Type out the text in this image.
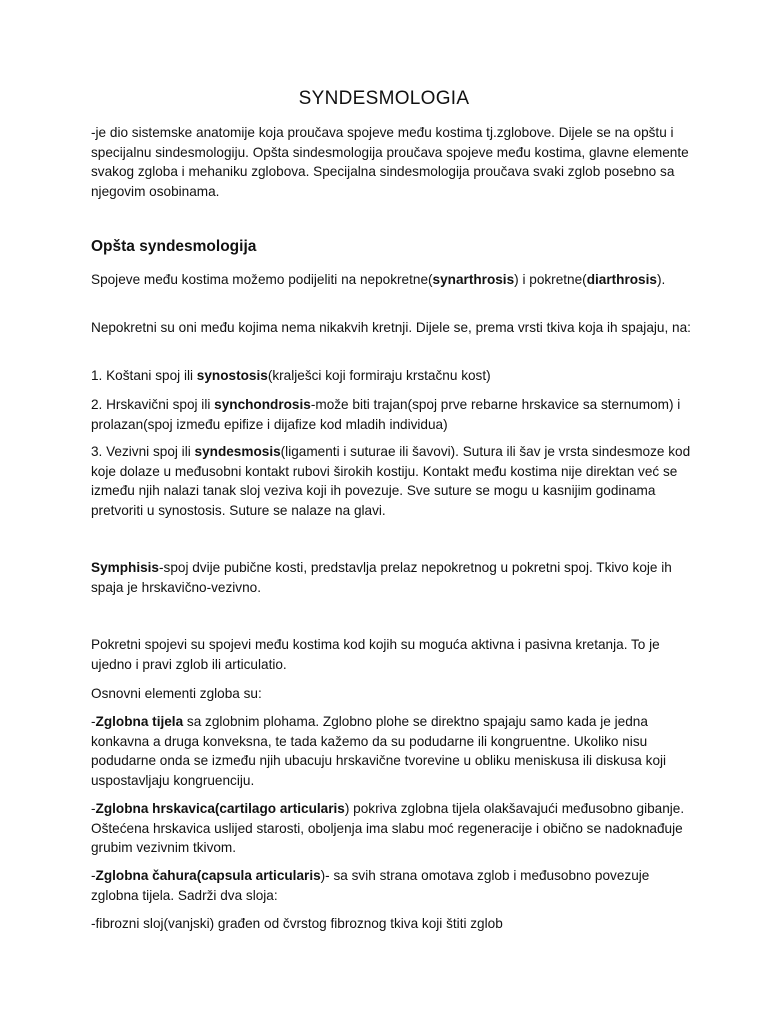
SYNDESMOLOGIA
-je dio sistemske anatomije koja proučava spojeve među kostima tj.zglobove. Dijele se na opštu i specijalnu sindesmologiju. Opšta sindesmologija proučava spojeve među kostima, glavne elemente svakog zgloba i mehaniku zglobova. Specijalna sindesmologija proučava svaki zglob posebno sa njegovim osobinama.
Opšta syndesmologija
Spojeve među kostima možemo podijeliti na nepokretne(synarthrosis) i pokretne(diarthrosis).
Nepokretni su oni među kojima nema nikakvih kretnji. Dijele se, prema vrsti tkiva koja ih spajaju, na:
1. Koštani spoj ili synostosis(kralješci koji formiraju krstačnu kost)
2. Hrskavični spoj ili synchondrosis-može biti trajan(spoj prve rebarne hrskavice sa sternumom) i prolazan(spoj između epifize i dijafize kod mladih individua)
3. Vezivni spoj ili syndesmosis(ligamenti i suturae ili šavovi). Sutura ili šav je vrsta sindesmoze kod koje dolaze u međusobni kontakt rubovi širokih kostiju. Kontakt među kostima nije direktan već se između njih nalazi tanak sloj veziva koji ih povezuje. Sve suture se mogu u kasnijim godinama pretvoriti u synostosis. Suture se nalaze na glavi.
Symphisis-spoj dvije pubične kosti, predstavlja prelaz nepokretnog u pokretni spoj. Tkivo koje ih spaja je hrskavično-vezivno.
Pokretni spojevi su spojevi među kostima kod kojih su moguća aktivna i pasivna kretanja. To je ujedno i pravi zglob ili articulatio.
Osnovni elementi zgloba su:
-Zglobna tijela sa zglobnim plohama. Zglobno plohe se direktno spajaju samo kada je jedna konkavna a druga konveksna, te tada kažemo da su podudarne ili kongruentne. Ukoliko nisu podudarne onda se između njih ubacuju hrskavične tvorevine u obliku meniskusa ili diskusa koji uspostavljaju kongruenciju.
-Zglobna hrskavica(cartilago articularis) pokriva zglobna tijela olakšavajući međusobno gibanje. Oštećena hrskavica uslijed starosti, oboljenja ima slabu moć regeneracije i obično se nadoknađuje grubim vezivnim tkivom.
-Zglobna čahura(capsula articularis)- sa svih strana omotava zglob i međusobno povezuje zglobna tijela. Sadrži dva sloja:
-fibrozni sloj(vanjski) građen od čvrstog fibroznog tkiva koji štiti zglob
